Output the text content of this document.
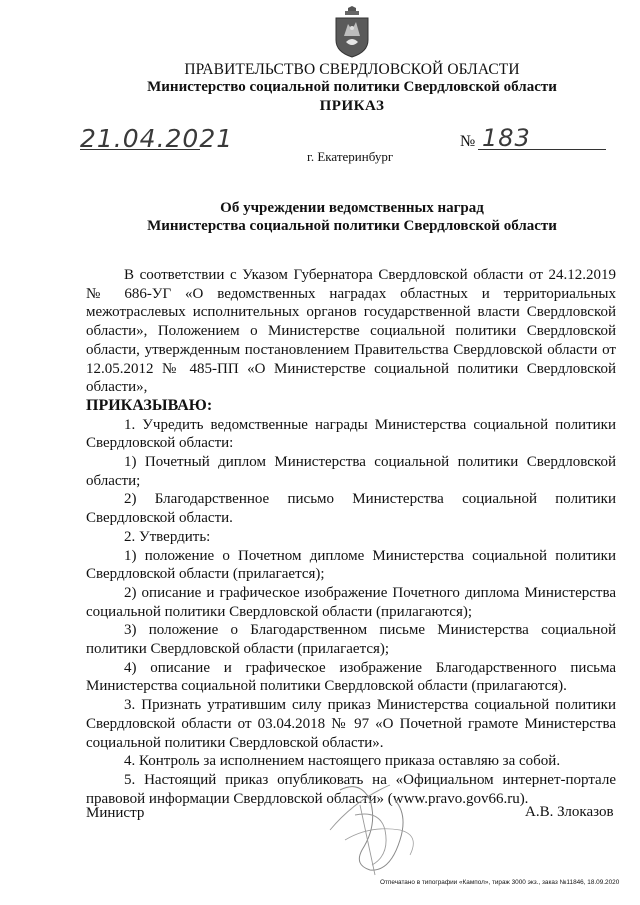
ПРАВИТЕЛЬСТВО СВЕРДЛОВСКОЙ ОБЛАСТИ
Министерство социальной политики Свердловской области
ПРИКАЗ
21.04.2021	№ 183
г. Екатеринбург
Об учреждении ведомственных наград
Министерства социальной политики Свердловской области

В соответствии с Указом Губернатора Свердловской области от 24.12.2019 № 686-УГ «О ведомственных наградах областных и территориальных межотраслевых исполнительных органов государственной власти Свердловской области», Положением о Министерстве социальной политики Свердловской области, утвержденным постановлением Правительства Свердловской области от 12.05.2012 № 485-ПП «О Министерстве социальной политики Свердловской области»,

ПРИКАЗЫВАЮ:

1. Учредить ведомственные награды Министерства социальной политики Свердловской области:

1) Почетный диплом Министерства социальной политики Свердловской области;

2) Благодарственное письмо Министерства социальной политики Свердловской области.

2. Утвердить:

1) положение о Почетном дипломе Министерства социальной политики Свердловской области (прилагается);

2) описание и графическое изображение Почетного диплома Министерства социальной политики Свердловской области (прилагаются);

3) положение о Благодарственном письме Министерства социальной политики Свердловской области (прилагается);

4) описание и графическое изображение Благодарственного письма Министерства социальной политики Свердловской области (прилагаются).

3. Признать утратившим силу приказ Министерства социальной политики Свердловской области от 03.04.2018 № 97 «О Почетной грамоте Министерства социальной политики Свердловской области».

4. Контроль за исполнением настоящего приказа оставляю за собой.

5. Настоящий приказ опубликовать на «Официальном интернет-портале правовой информации Свердловской области» (www.pravo.gov66.ru).

Министр	А.В. Злоказов
Отпечатано в типографии «Кампол», тираж 3000 экз., заказ №11846, 18.09.2020
